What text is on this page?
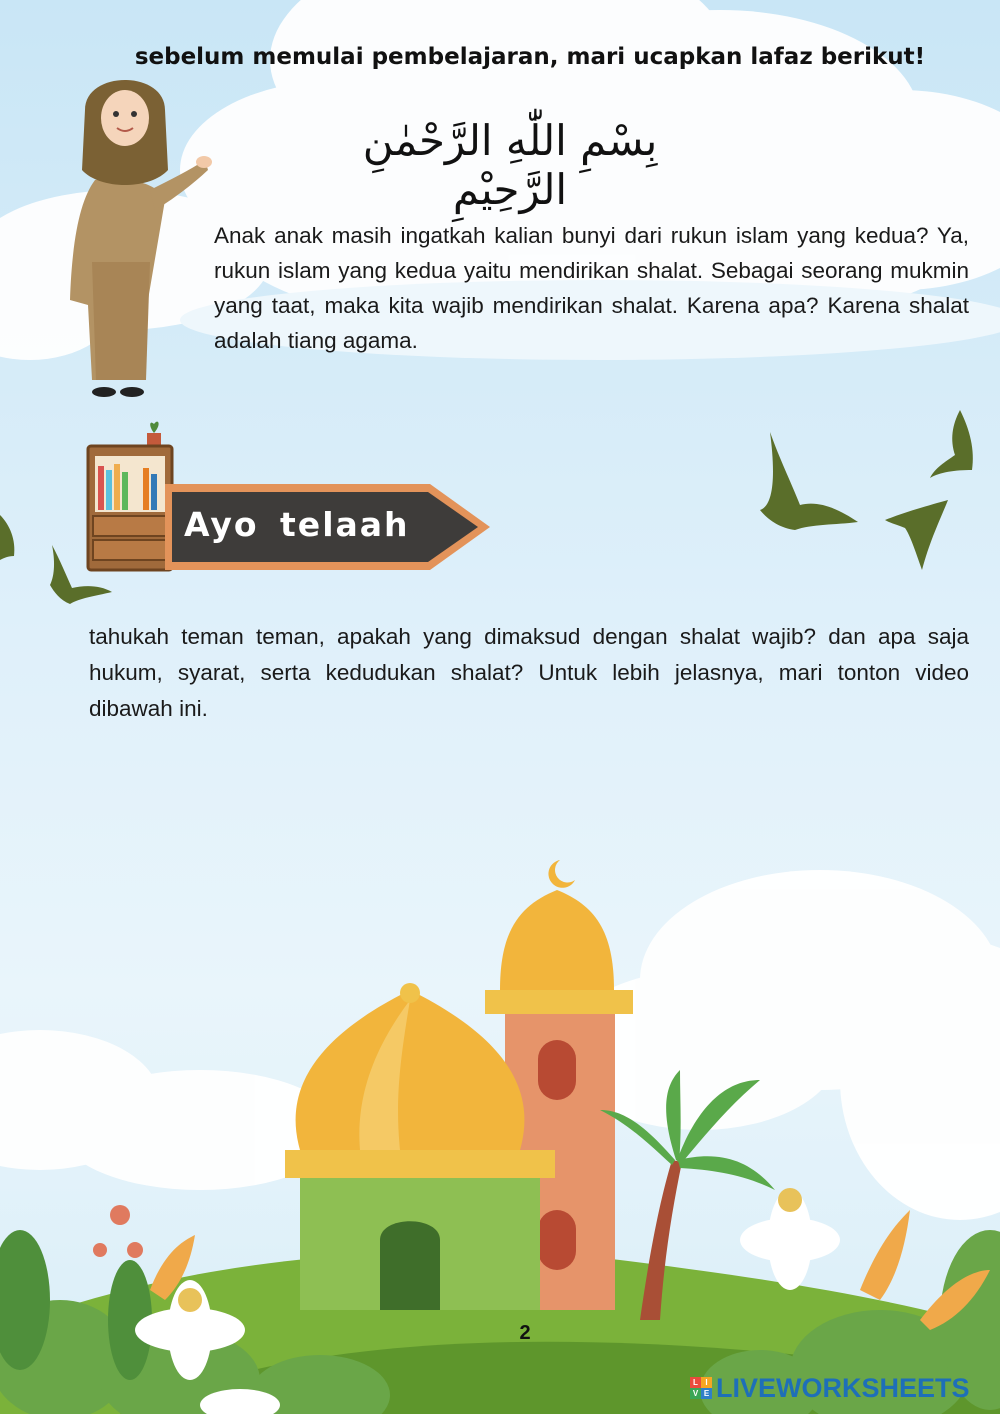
Ayo telaah
sebelum memulai pembelajaran, mari ucapkan lafaz berikut!
بِسْمِ اللّٰهِ الرَّحْمٰنِ الرَّحِيْمِ
Anak anak masih ingatkah kalian bunyi dari rukun islam yang kedua? Ya, rukun islam yang kedua yaitu mendirikan shalat. Sebagai seorang mukmin yang taat, maka kita wajib mendirikan shalat. Karena apa? Karena shalat adalah tiang agama.
tahukah teman teman, apakah yang dimaksud dengan shalat wajib? dan apa saja hukum, syarat, serta kedudukan shalat? Untuk lebih jelasnya, mari tonton video dibawah ini.
2
L I
V E LIVEWORKSHEETS
